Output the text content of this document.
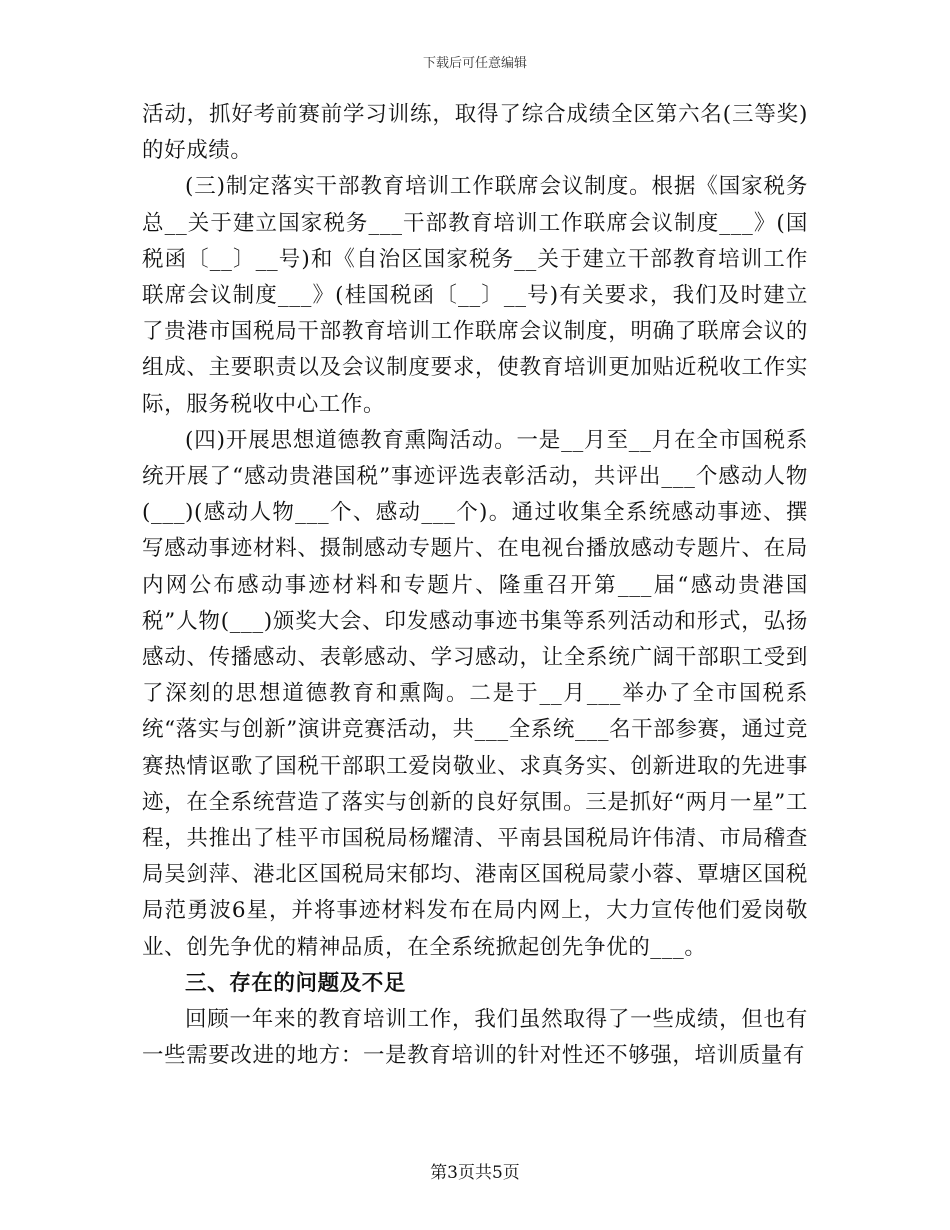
下载后可任意编辑

活动，抓好考前赛前学习训练，取得了综合成绩全区第六名(三等奖)的好成绩。

(三)制定落实干部教育培训工作联席会议制度。根据《国家税务总__关于建立国家税务___干部教育培训工作联席会议制度___》(国税函〔__〕__号)和《自治区国家税务__关于建立干部教育培训工作联席会议制度___》(桂国税函〔__〕__号)有关要求，我们及时建立了贵港市国税局干部教育培训工作联席会议制度，明确了联席会议的组成、主要职责以及会议制度要求，使教育培训更加贴近税收工作实际，服务税收中心工作。

(四)开展思想道德教育熏陶活动。一是__月至__月在全市国税系统开展了“感动贵港国税”事迹评选表彰活动，共评出___个感动人物(___)(感动人物___个、感动___个)。通过收集全系统感动事迹、撰写感动事迹材料、摄制感动专题片、在电视台播放感动专题片、在局内网公布感动事迹材料和专题片、隆重召开第___届“感动贵港国税”人物(___)颁奖大会、印发感动事迹书集等系列活动和形式，弘扬感动、传播感动、表彰感动、学习感动，让全系统广阔干部职工受到了深刻的思想道德教育和熏陶。二是于__月___举办了全市国税系统“落实与创新”演讲竞赛活动，共___全系统___名干部参赛，通过竞赛热情讴歌了国税干部职工爱岗敬业、求真务实、创新进取的先进事迹，在全系统营造了落实与创新的良好氛围。三是抓好“两月一星”工程，共推出了桂平市国税局杨耀清、平南县国税局许伟清、市局稽查局吴剑萍、港北区国税局宋郁均、港南区国税局蒙小蓉、覃塘区国税局范勇波6星，并将事迹材料发布在局内网上，大力宣传他们爱岗敬业、创先争优的精神品质，在全系统掀起创先争优的___。

三、存在的问题及不足

回顾一年来的教育培训工作，我们虽然取得了一些成绩，但也有一些需要改进的地方：一是教育培训的针对性还不够强，培训质量有

第3页共5页
